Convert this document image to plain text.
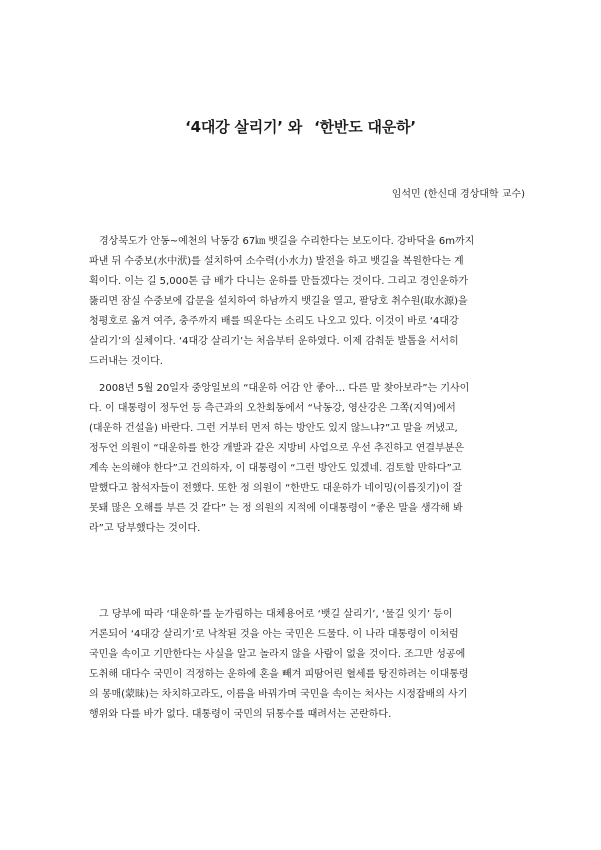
‘4대강 살리기’ 와 ‘한반도 대운하’
임석민 (한신대 경상대학 교수)
경상북도가 안동~예천의 낙동강 67㎞ 뱃길을 수리한다는 보도이다. 강바닥을 6m까지
파낸 뒤 수중보(水中洑)를 설치하여 소수력(小水力) 발전을 하고 뱃길을 복원한다는 계
획이다. 이는 길 5,000톤 급 배가 다니는 운하를 만들겠다는 것이다. 그리고 경인운하가
뚫리면 잠실 수중보에 갑문을 설치하여 하남까지 뱃길을 열고, 팔당호 취수원(取水源)을
청평호로 옮겨 여주, 충주까지 배를 띄운다는 소리도 나오고 있다. 이것이 바로 ‘4대강
살리기’의 실체이다. ‘4대강 살리기’는 처음부터 운하였다. 이제 감춰둔 발톱을 서서히
드러내는 것이다.
2008년 5월 20일자 중앙일보의 “대운하 어감 안 좋아… 다른 말 찾아보라”는 기사이
다. 이 대통령이 정두언 등 측근과의 오찬회동에서 “낙동강, 영산강은 그쪽(지역)에서
(대운하 건설을) 바란다. 그런 거부터 먼저 하는 방안도 있지 않느냐?”고 말을 꺼냈고,
정두언 의원이 “대운하를 한강 개발과 같은 지방비 사업으로 우선 추진하고 연결부분은
계속 논의해야 한다”고 건의하자, 이 대통령이 “그런 방안도 있겠네. 검토할 만하다”고
말했다고 참석자들이 전했다. 또한 정 의원이 “한반도 대운하가 네이밍(이름짓기)이 잘
못돼 많은 오해를 부른 것 같다” 는 정 의원의 지적에 이대통령이 “좋은 말을 생각해 봐
라”고 당부했다는 것이다.
그 당부에 따라 ‘대운하’를 눈가림하는 대체용어로 ‘뱃길 살리기’, ‘물길 잇기’ 등이
거론되어 ‘4대강 살리기’로 낙착된 것을 아는 국민은 드물다. 이 나라 대통령이 이처럼
국민을 속이고 기만한다는 사실을 알고 놀라지 않을 사람이 없을 것이다. 조그만 성공에
도취해 대다수 국민이 걱정하는 운하에 혼을 빼겨 피땀어린 혈세를 탕진하려는 이대통령
의 몽매(蒙昧)는 차치하고라도, 이름을 바꿔가며 국민을 속이는 처사는 시정잡배의 사기
행위와 다를 바가 없다. 대통령이 국민의 뒤통수를 때려서는 곤란하다.
